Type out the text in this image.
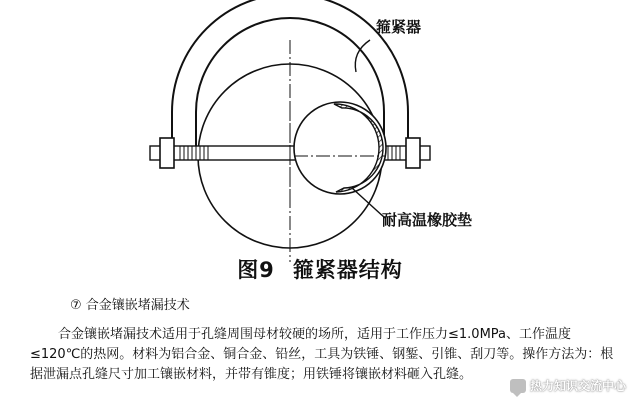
箍紧器
耐高温橡胶垫
图9 箍紧器结构
⑦ 合金镶嵌堵漏技术

合金镶嵌堵漏技术适用于孔缝周围母材较硬的场所，适用于工作压力≤1.0MPa、工作温度≤120℃的热网。材料为铝合金、铜合金、铅丝，工具为铁锤、钢錾、引锥、刮刀等。操作方法为：根据泄漏点孔缝尺寸加工镶嵌材料，并带有锥度；用铁锤将镶嵌材料砸入孔缝。

热力知识交流中心
